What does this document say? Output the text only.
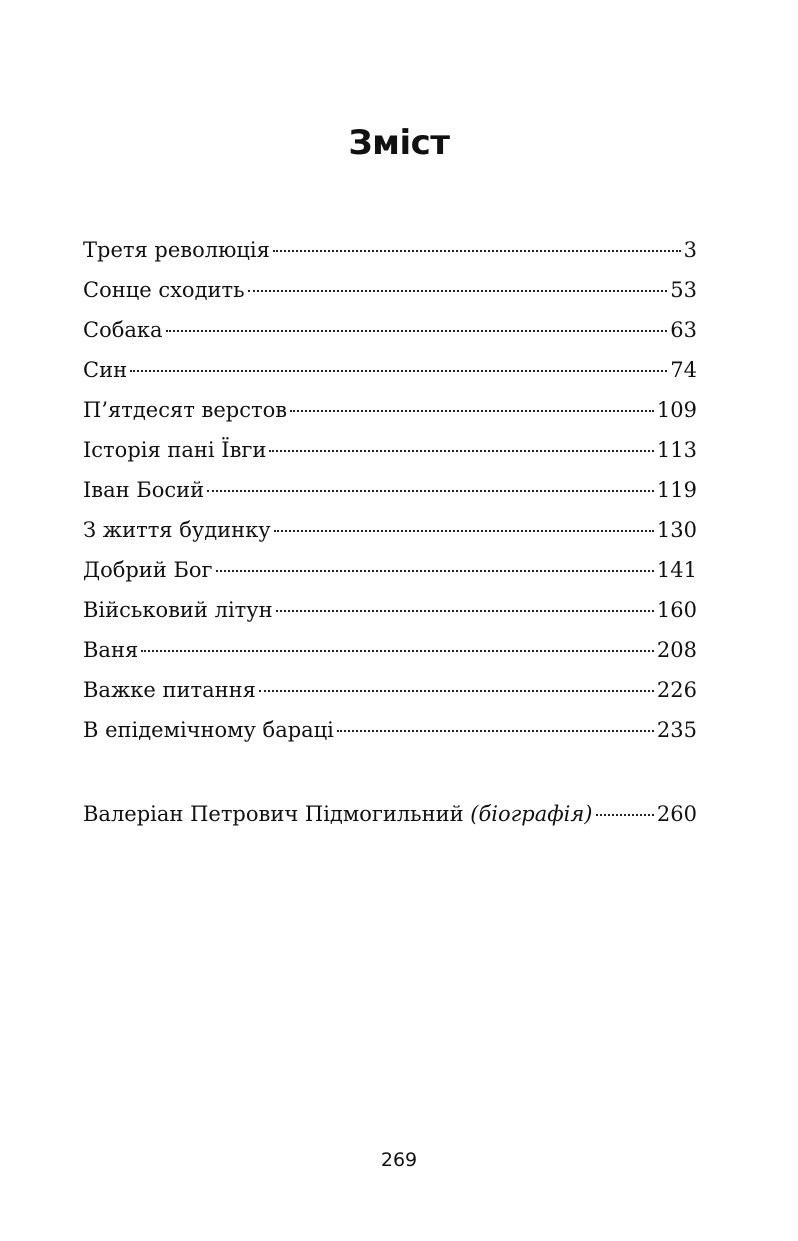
Зміст
Третя революція	3
Сонце сходить	53
Собака	63
Син	74
П’ятдесят верстов	109
Історія пані Ївги	113
Іван Босий	119
З життя будинку	130
Добрий Бог	141
Військовий літун	160
Ваня	208
Важке питання	226
В епідемічному бараці	235
Валеріан Петрович Підмогильний (біографія)	260
269
